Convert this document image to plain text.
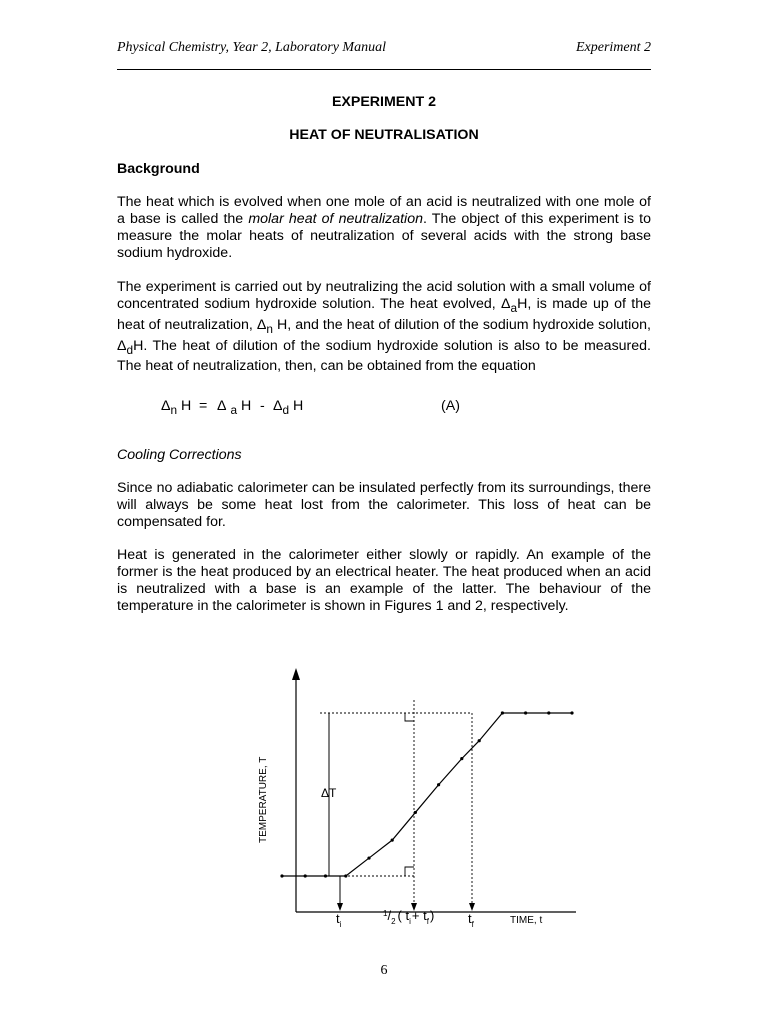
Physical Chemistry, Year 2, Laboratory Manual	Experiment 2
EXPERIMENT 2
HEAT OF NEUTRALISATION
Background
The heat which is evolved when one mole of an acid is neutralized with one mole of a base is called the molar heat of neutralization. The object of this experiment is to measure the molar heats of neutralization of several acids with the strong base sodium hydroxide.
The experiment is carried out by neutralizing the acid solution with a small volume of concentrated sodium hydroxide solution. The heat evolved, $\Delta_aH$, is made up of the heat of neutralization, $\Delta_n$ H, and the heat of dilution of the sodium hydroxide solution, $\Delta_dH$. The heat of dilution of the sodium hydroxide solution is also to be measured. The heat of neutralization, then, can be obtained from the equation
$\Delta_n$ H = Δ $_a$ H - $\Delta_d$ H	(A)
Cooling Corrections
Since no adiabatic calorimeter can be insulated perfectly from its surroundings, there will always be some heat lost from the calorimeter. This loss of heat can be compensated for.
Heat is generated in the calorimeter either slowly or rapidly. An example of the former is the heat produced by an electrical heater. The heat produced when an acid is neutralized with a base is an example of the latter. The behaviour of the temperature in the calorimeter is shown in Figures 1 and 2, respectively.
TEMPERATURE, T
TIME, t
ΔT
$t_i$
$^1/_2$ ( $t_i+ t_f$)	$t_f$
6
